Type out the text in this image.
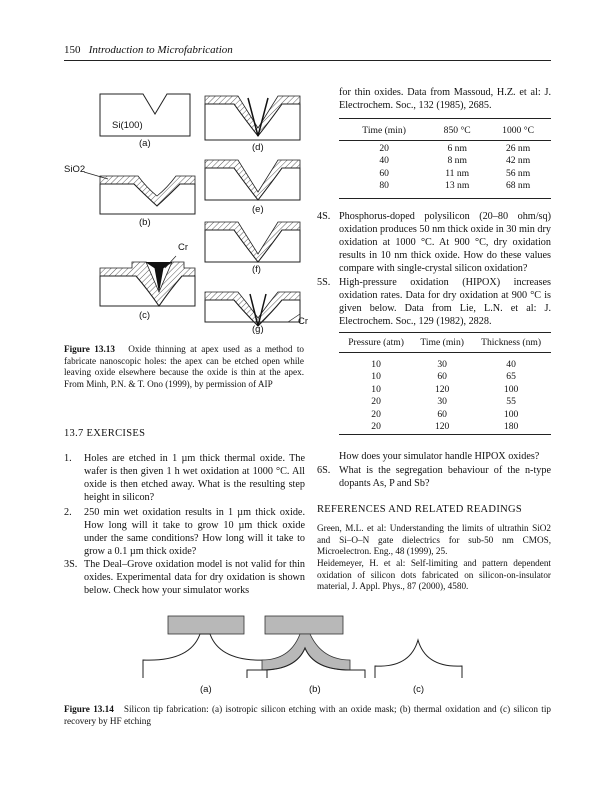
150 Introduction to Microfabrication
Si(100)
(a)
SiO2
(b)
Cr
(c)
(d)
(e)
(f)
(g)
Cr
Figure 13.13 Oxide thinning at apex used as a method to fabricate nanoscopic holes: the apex can be etched open while leaving oxide elsewhere because the oxide is thin at the apex. From Minh, P.N. & T. Ono (1999), by permission of AIP
13.7 EXERCISES
1. Holes are etched in 1 µm thick thermal oxide. The wafer is then given 1 h wet oxidation at 1000 °C. All oxide is then etched away. What is the resulting step height in silicon?
2. 250 min wet oxidation results in 1 µm thick oxide. How long will it take to grow 10 µm thick oxide under the same conditions? How long will it take to grow a 0.1 µm thick oxide?
3S. The Deal–Grove oxidation model is not valid for thin oxides. Experimental data for dry oxidation is shown below. Check how your simulator works
for thin oxides. Data from Massoud, H.Z. et al: J. Electrochem. Soc., 132 (1985), 2685.
Time (min)	850 °C	1000 °C

20	6 nm	26 nm
40	8 nm	42 nm
60	11 nm	56 nm
80	13 nm	68 nm
4S. Phosphorus-doped polysilicon (20–80 ohm/sq) oxidation produces 50 nm thick oxide in 30 min dry oxidation at 1000 °C. At 900 °C, dry oxidation results in 10 nm thick oxide. How do these values compare with single-crystal silicon oxidation?
5S. High-pressure oxidation (HIPOX) increases oxidation rates. Data for dry oxidation at 900 °C is given below. Data from Lie, L.N. et al: J. Electrochem. Soc., 129 (1982), 2828.
Pressure (atm)	Time (min)	Thickness (nm)

10	30	40
10	60	65
10	120	100
20	30	55
20	60	100
20	120	180
How does your simulator handle HIPOX oxides?
6S. What is the segregation behaviour of the n-type dopants As, P and Sb?
REFERENCES AND RELATED READINGS
Green, M.L. et al: Understanding the limits of ultrathin SiO2 and Si–O–N gate dielectrics for sub-50 nm CMOS, Microelectron. Eng., 48 (1999), 25.
Heidemeyer, H. et al: Self-limiting and pattern dependent oxidation of silicon dots fabricated on silicon-on-insulator material, J. Appl. Phys., 87 (2000), 4580.
(a)	(b)	(c)
Figure 13.14 Silicon tip fabrication: (a) isotropic silicon etching with an oxide mask; (b) thermal oxidation and (c) silicon tip recovery by HF etching
